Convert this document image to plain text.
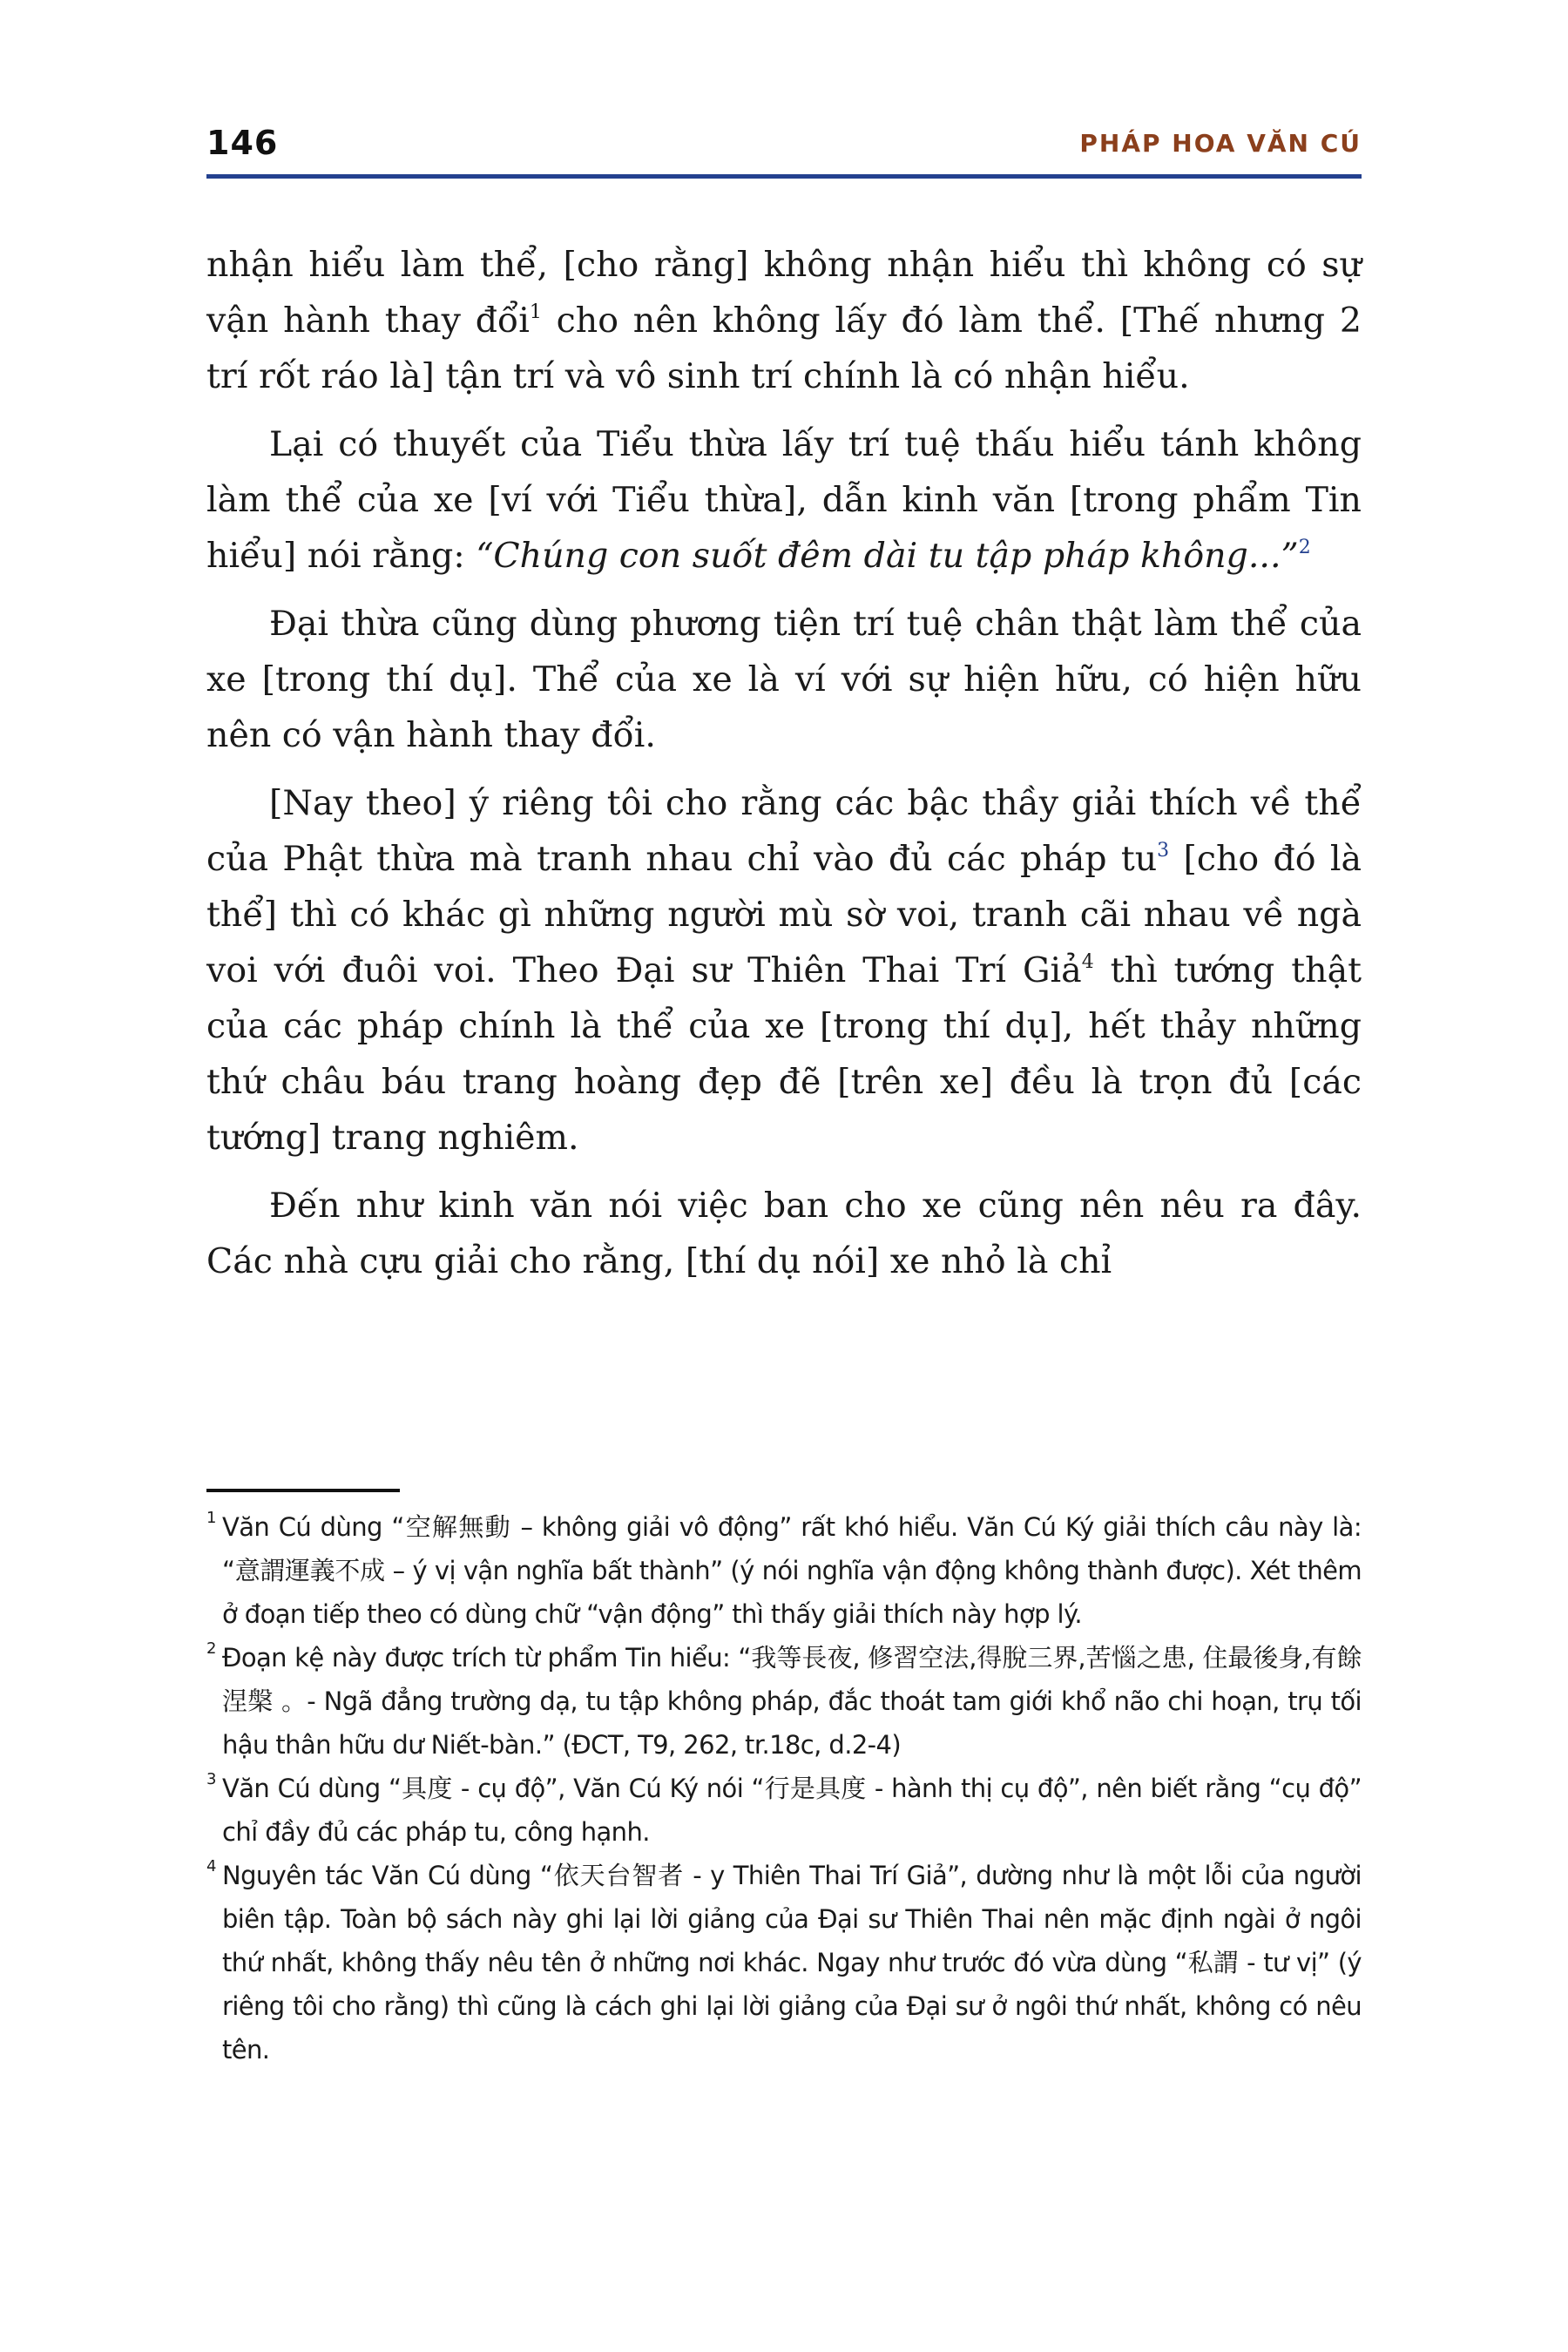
146	PHÁP HOA VĂN CÚ

nhận hiểu làm thể, [cho rằng] không nhận hiểu thì không có sự vận hành thay đổi$^1$ cho nên không lấy đó làm thể. [Thế nhưng 2 trí rốt ráo là] tận trí và vô sinh trí chính là có nhận hiểu.

Lại có thuyết của Tiểu thừa lấy trí tuệ thấu hiểu tánh không làm thể của xe [ví với Tiểu thừa], dẫn kinh văn [trong phẩm Tin hiểu] nói rằng: “Chúng con suốt đêm dài tu tập pháp không...”$^2$

Đại thừa cũng dùng phương tiện trí tuệ chân thật làm thể của xe [trong thí dụ]. Thể của xe là ví với sự hiện hữu, có hiện hữu nên có vận hành thay đổi.

[Nay theo] ý riêng tôi cho rằng các bậc thầy giải thích về thể của Phật thừa mà tranh nhau chỉ vào đủ các pháp tu$^3$ [cho đó là thể] thì có khác gì những người mù sờ voi, tranh cãi nhau về ngà voi với đuôi voi. Theo Đại sư Thiên Thai Trí Giả$^4$ thì tướng thật của các pháp chính là thể của xe [trong thí dụ], hết thảy những thứ châu báu trang hoàng đẹp đẽ [trên xe] đều là trọn đủ [các tướng] trang nghiêm.

Đến như kinh văn nói việc ban cho xe cũng nên nêu ra đây. Các nhà cựu giải cho rằng, [thí dụ nói] xe nhỏ là chỉ

1 Văn Cú dùng “空解無動 – không giải vô động” rất khó hiểu. Văn Cú Ký giải thích câu này là: “意謂運義不成 – ý vị vận nghĩa bất thành” (ý nói nghĩa vận động không thành được). Xét thêm ở đoạn tiếp theo có dùng chữ “vận động” thì thấy giải thích này hợp lý.

2 Đoạn kệ này được trích từ phẩm Tin hiểu: “我等長夜, 修習空法,得脫三界,苦惱之患, 住最後身,有餘涅槃 。- Ngã đẳng trường dạ, tu tập không pháp, đắc thoát tam giới khổ não chi hoạn, trụ tối hậu thân hữu dư Niết-bàn.” (ĐCT, T9, 262, tr.18c, d.2-4)

3 Văn Cú dùng “具度 - cụ độ”, Văn Cú Ký nói “行是具度 - hành thị cụ độ”, nên biết rằng “cụ độ” chỉ đầy đủ các pháp tu, công hạnh.

4 Nguyên tác Văn Cú dùng “依天台智者 - y Thiên Thai Trí Giả”, dường như là một lỗi của người biên tập. Toàn bộ sách này ghi lại lời giảng của Đại sư Thiên Thai nên mặc định ngài ở ngôi thứ nhất, không thấy nêu tên ở những nơi khác. Ngay như trước đó vừa dùng “私謂 - tư vị” (ý riêng tôi cho rằng) thì cũng là cách ghi lại lời giảng của Đại sư ở ngôi thứ nhất, không có nêu tên.
